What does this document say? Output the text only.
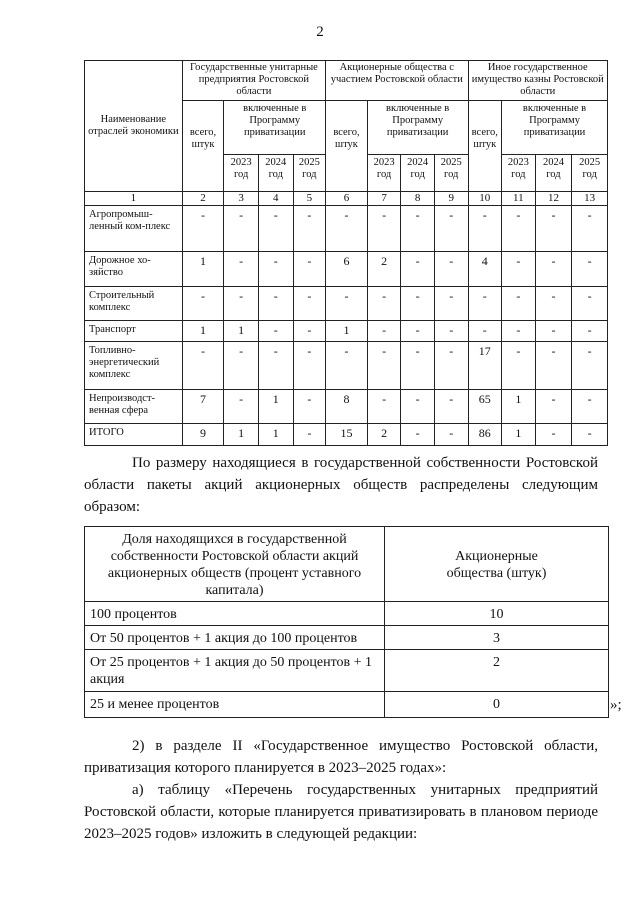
2
Наименование отраслей экономики	Государственные унитарные предприятия Ростовской области				Акционерные общества с участием Ростовской области				Иное государственное имущество казны Ростовской области			
	всего, штук	включенные в Программу приватизации			всего, штук	включенные в Программу приватизации			всего, штук	включенные в Программу приватизации		
		2023 год	2024 год	2025 год		2023 год	2024 год	2025 год		2023 год	2024 год	2025 год
1	2	3	4	5	6	7	8	9	10	11	12	13
Агропромыш-ленный ком-плекс	-	-	-	-	-	-	-	-	-	-	-	-
Дорожное хо-зяйство	1	-	-	-	6	2	-	-	4	-	-	-
Строительный комплекс	-	-	-	-	-	-	-	-	-	-	-	-
Транспорт	1	1	-	-	1	-	-	-	-	-	-	-
Топливно-энергетический комплекс	-	-	-	-	-	-	-	-	17	-	-	-
Непроизводст-венная сфера	7	-	1	-	8	-	-	-	65	1	-	-
ИТОГО	9	1	1	-	15	2	-	-	86	1	-	-
По размеру находящиеся в государственной собственности Ростовской области пакеты акций акционерных обществ распределены следующим образом:
Доля находящихся в государственной собственности Ростовской области акций акционерных обществ (процент уставного капитала)	Акционерные общества (штук)

100 процентов	10
От 50 процентов + 1 акция до 100 процентов	3
От 25 процентов + 1 акция до 50 процентов + 1 акция	2
25 и менее процентов	0	»;
2) в разделе II «Государственное имущество Ростовской области, приватизация которого планируется в 2023–2025 годах»:
а) таблицу «Перечень государственных унитарных предприятий Ростовской области, которые планируется приватизировать в плановом периоде 2023–2025 годов» изложить в следующей редакции:
